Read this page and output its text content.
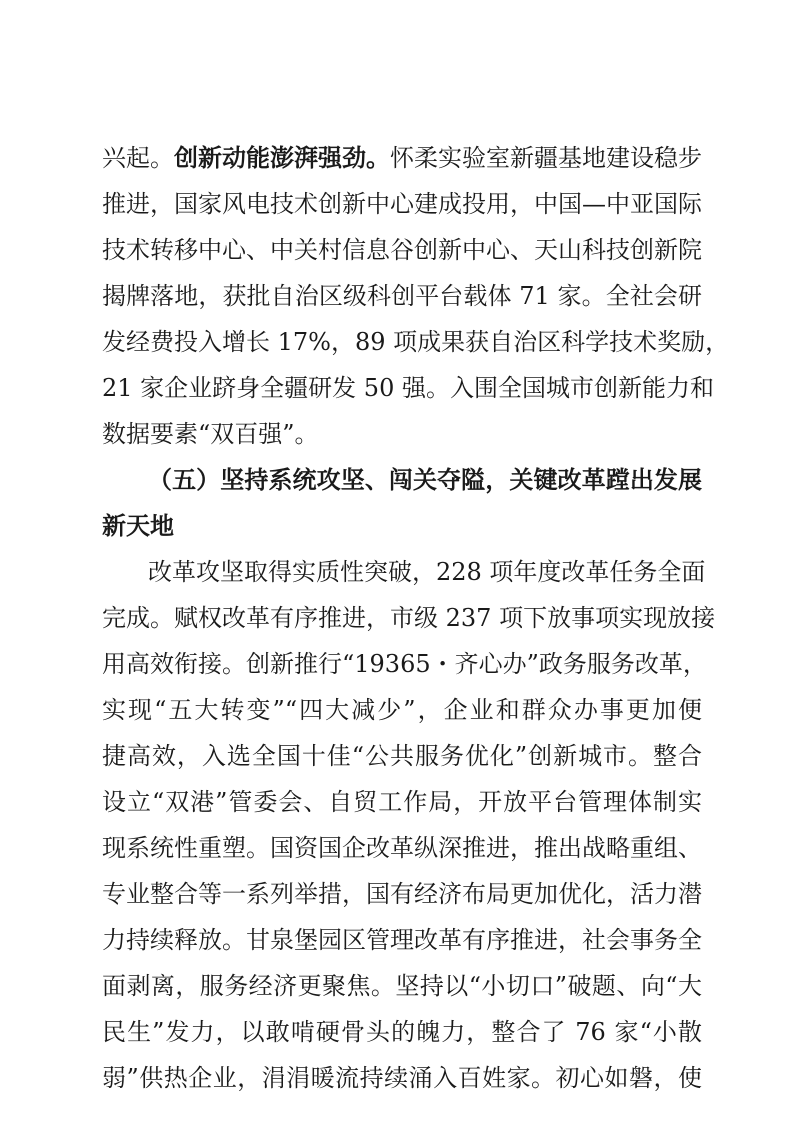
兴起。创新动能澎湃强劲。怀柔实验室新疆基地建设稳步
推进，国家风电技术创新中心建成投用，中国—中亚国际
技术转移中心、中关村信息谷创新中心、天山科技创新院
揭牌落地，获批自治区级科创平台载体 71 家。全社会研
发经费投入增长 17%，89 项成果获自治区科学技术奖励，
21 家企业跻身全疆研发 50 强。入围全国城市创新能力和
数据要素“双百强”。
（五）坚持系统攻坚、闯关夺隘，关键改革蹚出发展
新天地
改革攻坚取得实质性突破，228 项年度改革任务全面
完成。赋权改革有序推进，市级 237 项下放事项实现放接
用高效衔接。创新推行“19365・齐心办”政务服务改革，
实现“五大转变”“四大减少”，企业和群众办事更加便
捷高效，入选全国十佳“公共服务优化”创新城市。整合
设立“双港”管委会、自贸工作局，开放平台管理体制实
现系统性重塑。国资国企改革纵深推进，推出战略重组、
专业整合等一系列举措，国有经济布局更加优化，活力潜
力持续释放。甘泉堡园区管理改革有序推进，社会事务全
面剥离，服务经济更聚焦。坚持以“小切口”破题、向“大
民生”发力，以敢啃硬骨头的魄力，整合了 76 家“小散
弱”供热企业，涓涓暖流持续涌入百姓家。初心如磐，使
